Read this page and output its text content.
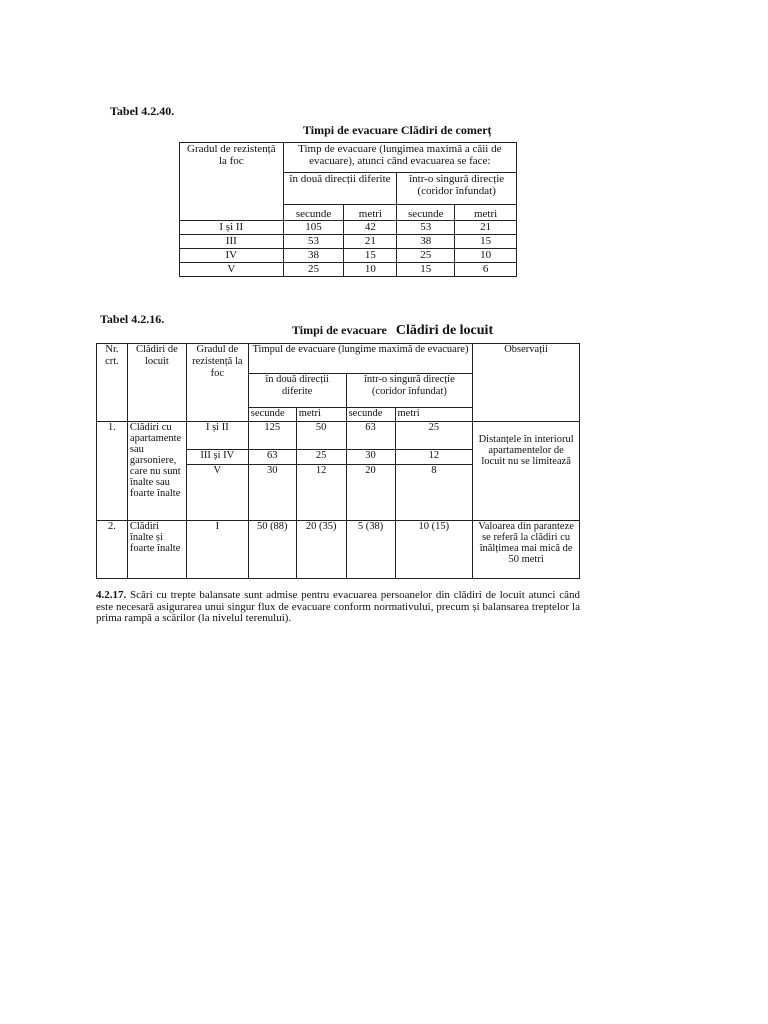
Tabel 4.2.40.
Timpi de evacuare Clădiri de comerț
Gradul de rezistență la foc	Timp de evacuare (lungimea maximă a căii de evacuare), atunci când evacuarea se face:			
	în două direcții diferite		într-o singură direcție (coridor înfundat)	
	secunde	metri	secunde	metri
I și II	105	42	53	21
III	53	21	38	15
IV	38	15	25	10
V	25	10	15	6
Tabel 4.2.16.
Timpi de evacuare Clădiri de locuit
Nr. crt.	Clădiri de locuit	Gradul de rezistență la foc	Timpul de evacuare (lungime maximă de evacuare)				Observații
			în două direcții diferite		într-o singură direcție (coridor înfundat)		
			secunde	metri	secunde	metri	
1.	Clădiri cu apartamente sau garsoniere, care nu sunt înalte sau foarte înalte	I și II	125	50	63	25	Distanțele în interiorul apartamentelor de locuit nu se limitează
		III și IV	63	25	30	12	
		V	30	12	20	8	
2.	Clădiri înalte și foarte înalte	I	50 (88)	20 (35)	5 (38)	10 (15)	Valoarea din paranteze se referă la clădiri cu înălțimea mai mică de 50 metri
4.2.17. Scări cu trepte balansate sunt admise pentru evacuarea persoanelor din clădiri de locuit atunci când este necesară asigurarea unui singur flux de evacuare conform normativului, precum și balansarea treptelor la prima rampă a scărilor (la nivelul terenului).
